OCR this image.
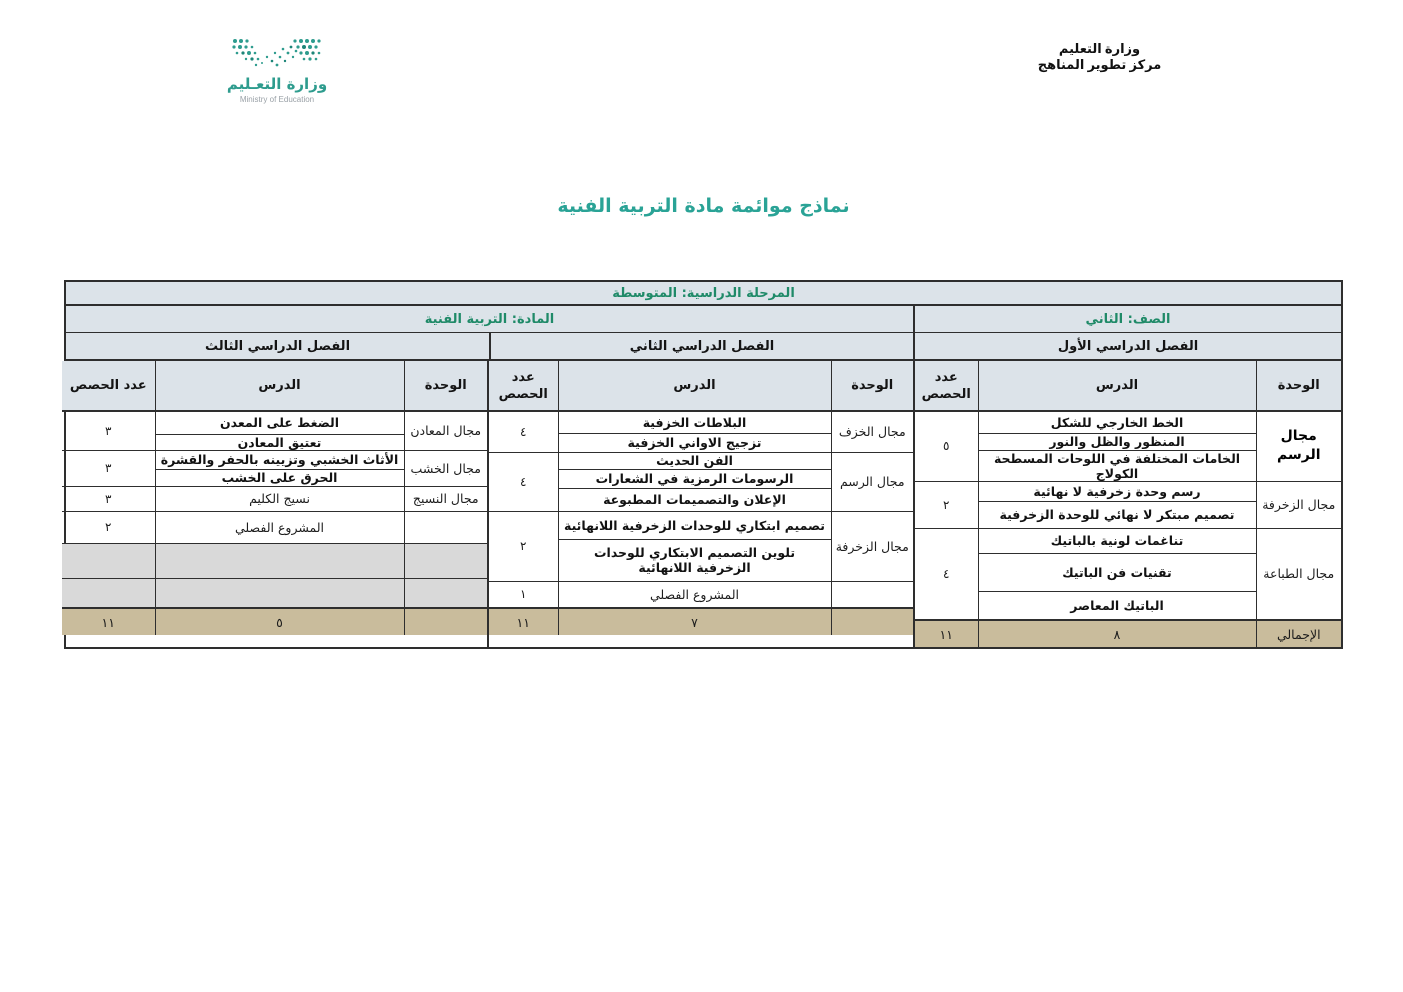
وزارة التعـليم
Ministry of Education
وزارة التعليم
مركز تطوير المناهج
نماذج موائمة مادة التربية الفنية
المرحلة الدراسية: المتوسطة
الصف: الثاني
المادة: التربية الفنية
الفصل الدراسي الأول
الفصل الدراسي الثاني
الفصل الدراسي الثالث
الوحدة	الدرس	عدد الحصص
مجال الرسم	الخط الخارجي للشكل	٥
	المنظور والظل والنور	
	الخامات المختلفة في اللوحات المسطحة الكولاج	
مجال الزخرفة	رسم وحدة زخرفية لا نهائية	٢
	تصميم مبتكر لا نهائي للوحدة الزخرفية	
مجال الطباعة	تناغمات لونية بالباتيك	٤
	تقنيات فن الباتيك	
	الباتيك المعاصر	
الإجمالي	٨	١١
الوحدة	الدرس	عدد الحصص
مجال الخزف	البلاطات الخزفية	٤
	تزجيج الاواني الخزفية	
مجال الرسم	الفن الحديث	٤
	الرسومات الرمزية في الشعارات	
	الإعلان والتصميمات المطبوعة	
مجال الزخرفة	تصميم ابتكاري للوحدات الزخرفية اللانهائية	٢
	تلوين التصميم الابتكاري للوحدات الزخرفية اللانهائية	
	المشروع الفصلي	١
	٧	١١
الوحدة	الدرس	عدد الحصص
مجال المعادن	الضغط على المعدن	٣
	تعتيق المعادن	
مجال الخشب	الأثاث الخشبي وتزيينه بالحفر والقشرة	٣
	الحرق على الخشب	
مجال النسيج	نسيج الكليم	٣
	المشروع الفصلي	٢

	٥	١١
